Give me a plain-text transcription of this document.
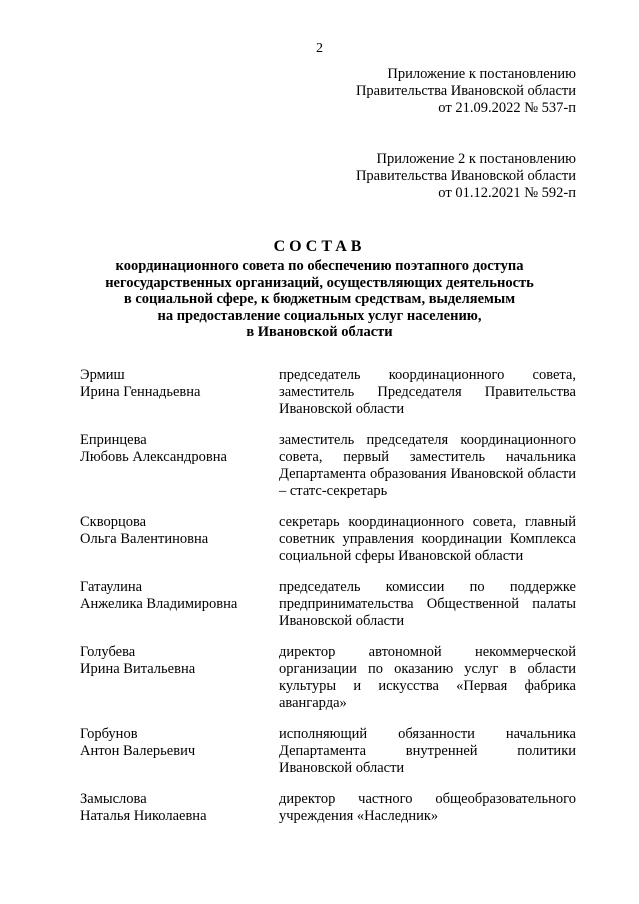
2
Приложение к постановлению
Правительства Ивановской области
от 21.09.2022 № 537-п
Приложение 2 к постановлению
Правительства Ивановской области
от 01.12.2021 № 592-п
СОСТАВ
координационного совета по обеспечению поэтапного доступа
негосударственных организаций, осуществляющих деятельность
в социальной сфере, к бюджетным средствам, выделяемым
на предоставление социальных услуг населению,
в Ивановской области
Эрмиш
Ирина Геннадьевна
председатель координационного совета, заместитель Председателя Правительства Ивановской области
Епринцева
Любовь Александровна
заместитель председателя координационного совета, первый заместитель начальника Департамента образования Ивановской области – статс-секретарь
Скворцова
Ольга Валентиновна
секретарь координационного совета, главный советник управления координации Комплекса социальной сферы Ивановской области
Гатаулина
Анжелика Владимировна
председатель комиссии по поддержке предпринимательства Общественной палаты Ивановской области
Голубева
Ирина Витальевна
директор автономной некоммерческой организации по оказанию услуг в области культуры и искусства «Первая фабрика авангарда»
Горбунов
Антон Валерьевич
исполняющий обязанности начальника Департамента внутренней политики Ивановской области
Замыслова
Наталья Николаевна
директор частного общеобразовательного учреждения «Наследник»
